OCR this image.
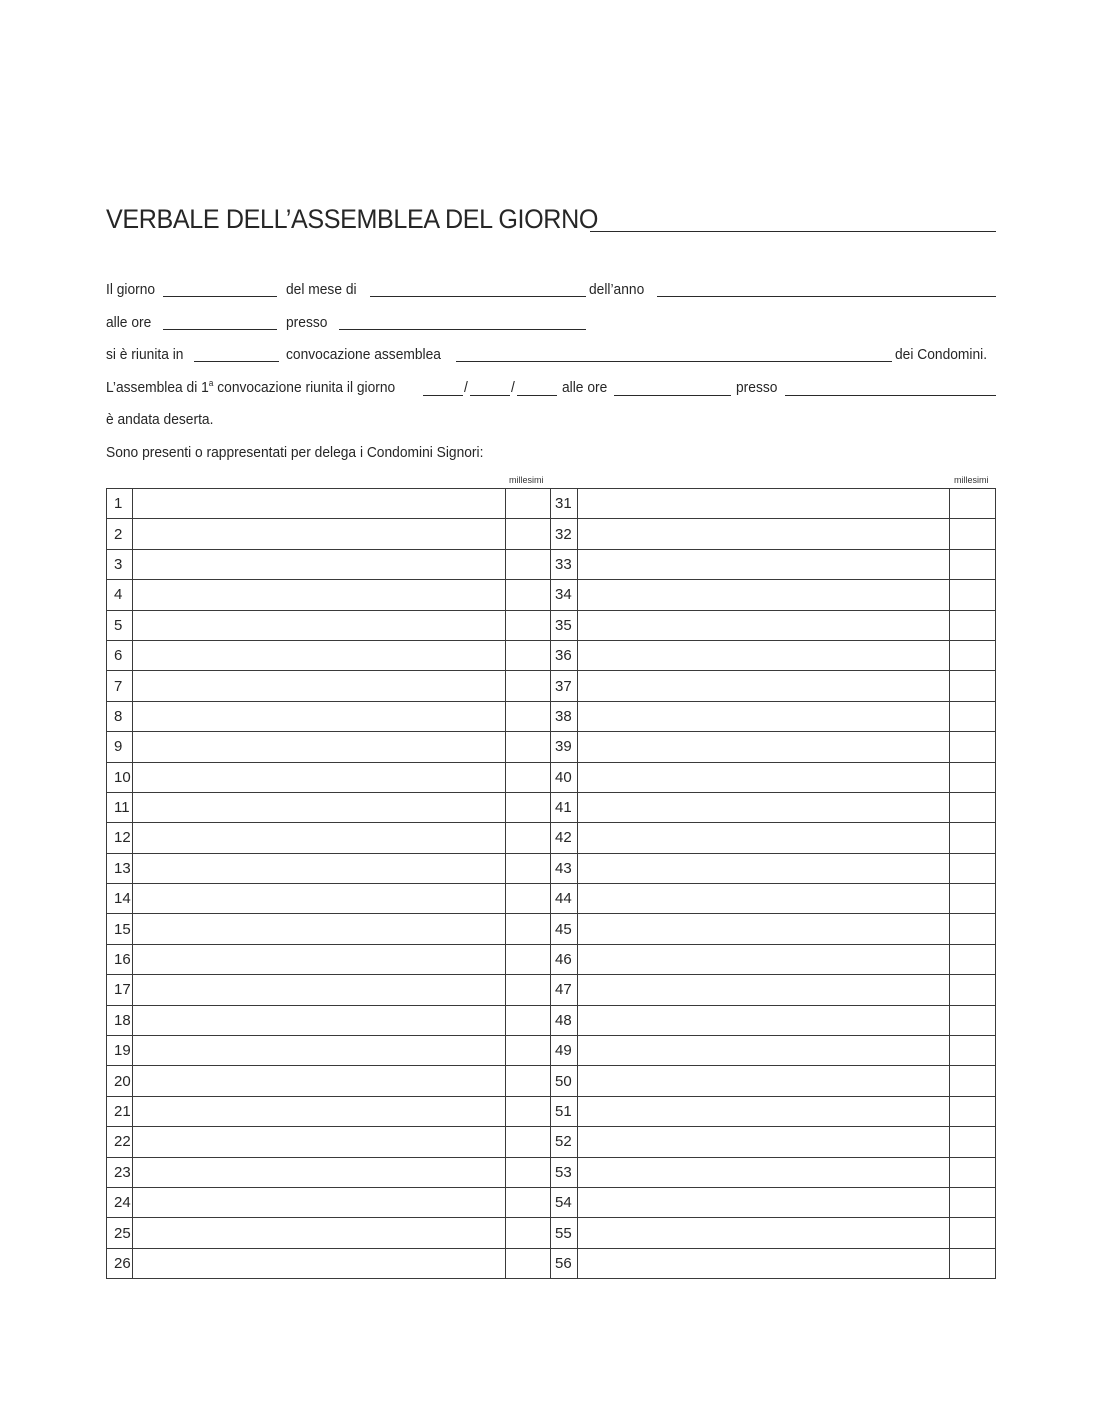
VERBALE DELL’ASSEMBLEA DEL GIORNO
Il giorno	del mese di	dell’anno
alle ore	presso
si è riunita in	convocazione assemblea	dei Condomini.
L’assemblea di 1$^a$ convocazione riunita il giorno	/	/	alle ore	presso
è andata deserta.
Sono presenti o rappresentati per delega i Condomini Signori:
millesimi	millesimi
1	31
2	32
3	33
4	34
5	35
6	36
7	37
8	38
9	39
10	40
11	41
12	42
13	43
14	44
15	45
16	46
17	47
18	48
19	49
20	50
21	51
22	52
23	53
24	54
25	55
26	56
